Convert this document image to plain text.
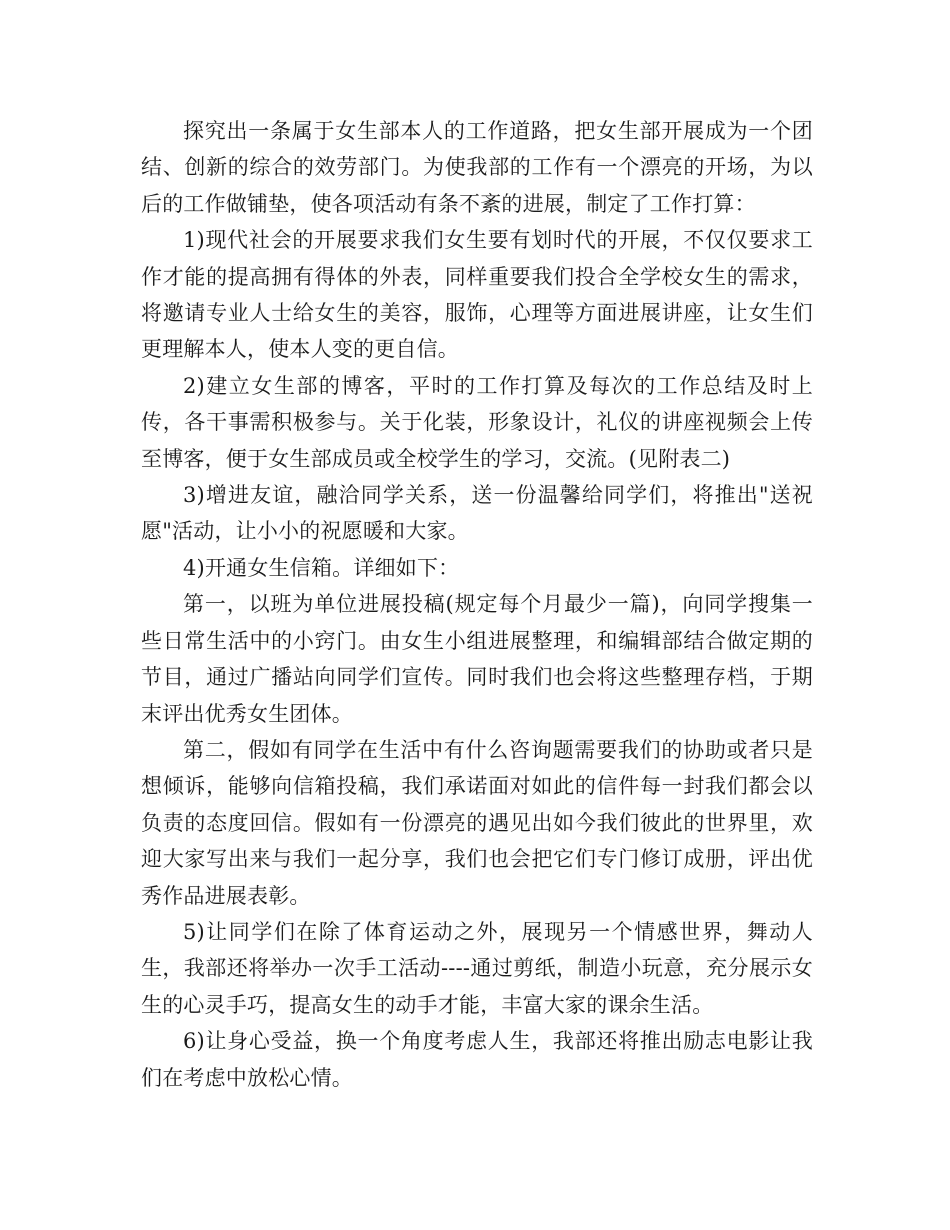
探究出一条属于女生部本人的工作道路，把女生部开展成为一个团结、创新的综合的效劳部门。为使我部的工作有一个漂亮的开场，为以后的工作做铺垫，使各项活动有条不紊的进展，制定了工作打算：

1)现代社会的开展要求我们女生要有划时代的开展，不仅仅要求工作才能的提高拥有得体的外表，同样重要我们投合全学校女生的需求，将邀请专业人士给女生的美容，服饰，心理等方面进展讲座，让女生们更理解本人，使本人变的更自信。

2)建立女生部的博客，平时的工作打算及每次的工作总结及时上传，各干事需积极参与。关于化装，形象设计，礼仪的讲座视频会上传至博客，便于女生部成员或全校学生的学习，交流。(见附表二)

3)增进友谊，融洽同学关系，送一份温馨给同学们，将推出"送祝愿"活动，让小小的祝愿暖和大家。

4)开通女生信箱。详细如下：

第一，以班为单位进展投稿(规定每个月最少一篇)，向同学搜集一些日常生活中的小窍门。由女生小组进展整理，和编辑部结合做定期的节目，通过广播站向同学们宣传。同时我们也会将这些整理存档，于期末评出优秀女生团体。

第二，假如有同学在生活中有什么咨询题需要我们的协助或者只是想倾诉，能够向信箱投稿，我们承诺面对如此的信件每一封我们都会以负责的态度回信。假如有一份漂亮的遇见出如今我们彼此的世界里，欢迎大家写出来与我们一起分享，我们也会把它们专门修订成册，评出优秀作品进展表彰。

5)让同学们在除了体育运动之外，展现另一个情感世界，舞动人生，我部还将举办一次手工活动----通过剪纸，制造小玩意，充分展示女生的心灵手巧，提高女生的动手才能，丰富大家的课余生活。

6)让身心受益，换一个角度考虑人生，我部还将推出励志电影让我们在考虑中放松心情。
